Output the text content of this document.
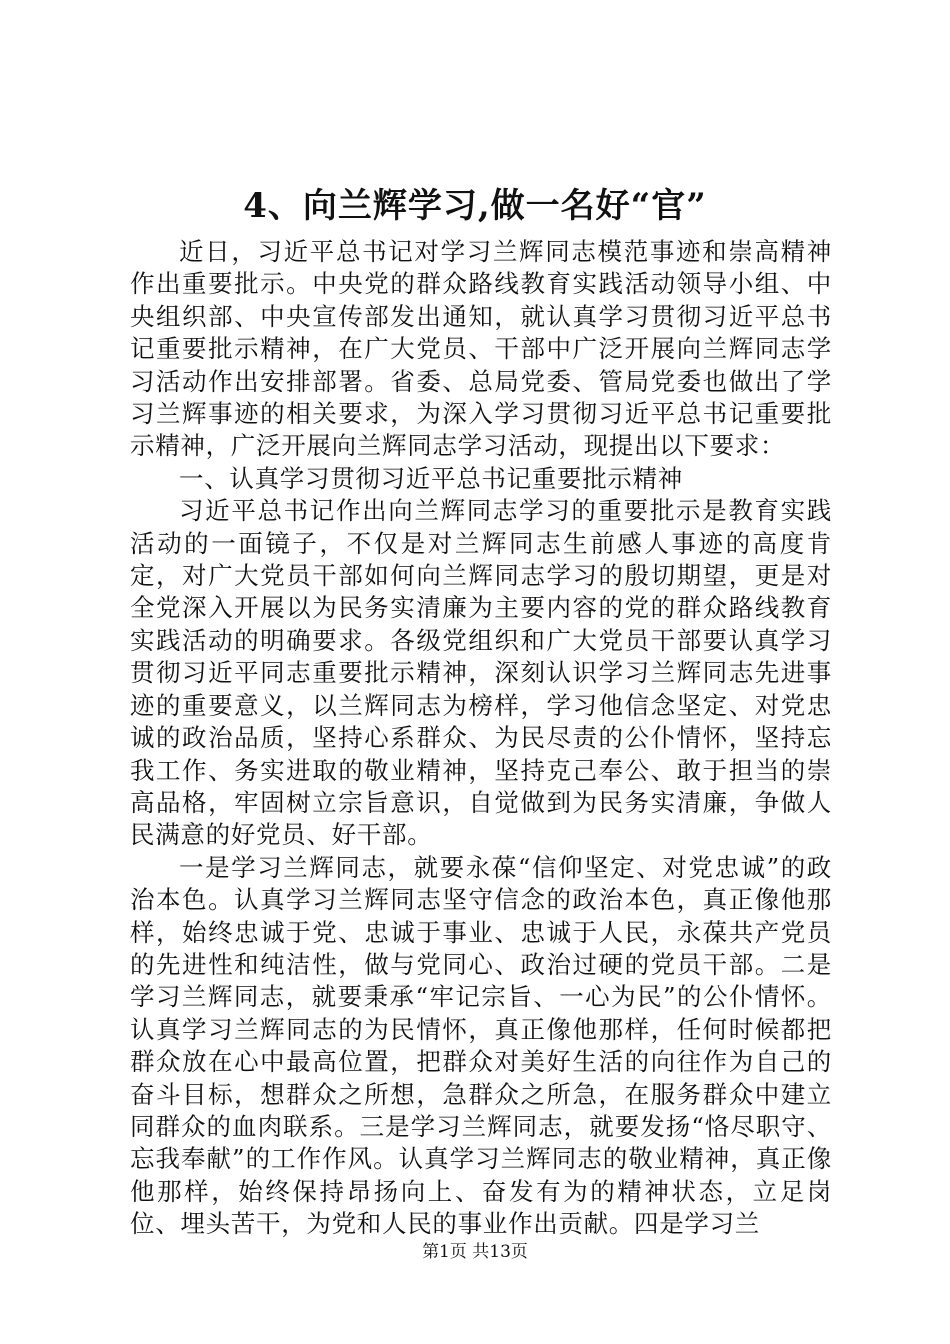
4、向兰辉学习,做一名好“官”

近日，习近平总书记对学习兰辉同志模范事迹和崇高精神作出重要批示。中央党的群众路线教育实践活动领导小组、中央组织部、中央宣传部发出通知，就认真学习贯彻习近平总书记重要批示精神，在广大党员、干部中广泛开展向兰辉同志学习活动作出安排部署。省委、总局党委、管局党委也做出了学习兰辉事迹的相关要求，为深入学习贯彻习近平总书记重要批示精神，广泛开展向兰辉同志学习活动，现提出以下要求：

一、认真学习贯彻习近平总书记重要批示精神

习近平总书记作出向兰辉同志学习的重要批示是教育实践活动的一面镜子，不仅是对兰辉同志生前感人事迹的高度肯定，对广大党员干部如何向兰辉同志学习的殷切期望，更是对全党深入开展以为民务实清廉为主要内容的党的群众路线教育实践活动的明确要求。各级党组织和广大党员干部要认真学习贯彻习近平同志重要批示精神，深刻认识学习兰辉同志先进事迹的重要意义，以兰辉同志为榜样，学习他信念坚定、对党忠诚的政治品质，坚持心系群众、为民尽责的公仆情怀，坚持忘我工作、务实进取的敬业精神，坚持克己奉公、敢于担当的崇高品格，牢固树立宗旨意识，自觉做到为民务实清廉，争做人民满意的好党员、好干部。

一是学习兰辉同志，就要永葆“信仰坚定、对党忠诚”的政治本色。认真学习兰辉同志坚守信念的政治本色，真正像他那样，始终忠诚于党、忠诚于事业、忠诚于人民，永葆共产党员的先进性和纯洁性，做与党同心、政治过硬的党员干部。二是学习兰辉同志，就要秉承“牢记宗旨、一心为民”的公仆情怀。认真学习兰辉同志的为民情怀，真正像他那样，任何时候都把群众放在心中最高位置，把群众对美好生活的向往作为自己的奋斗目标，想群众之所想，急群众之所急，在服务群众中建立同群众的血肉联系。三是学习兰辉同志，就要发扬“恪尽职守、忘我奉献”的工作作风。认真学习兰辉同志的敬业精神，真正像他那样，始终保持昂扬向上、奋发有为的精神状态，立足岗位、埋头苦干，为党和人民的事业作出贡献。四是学习兰

第1页 共13页
